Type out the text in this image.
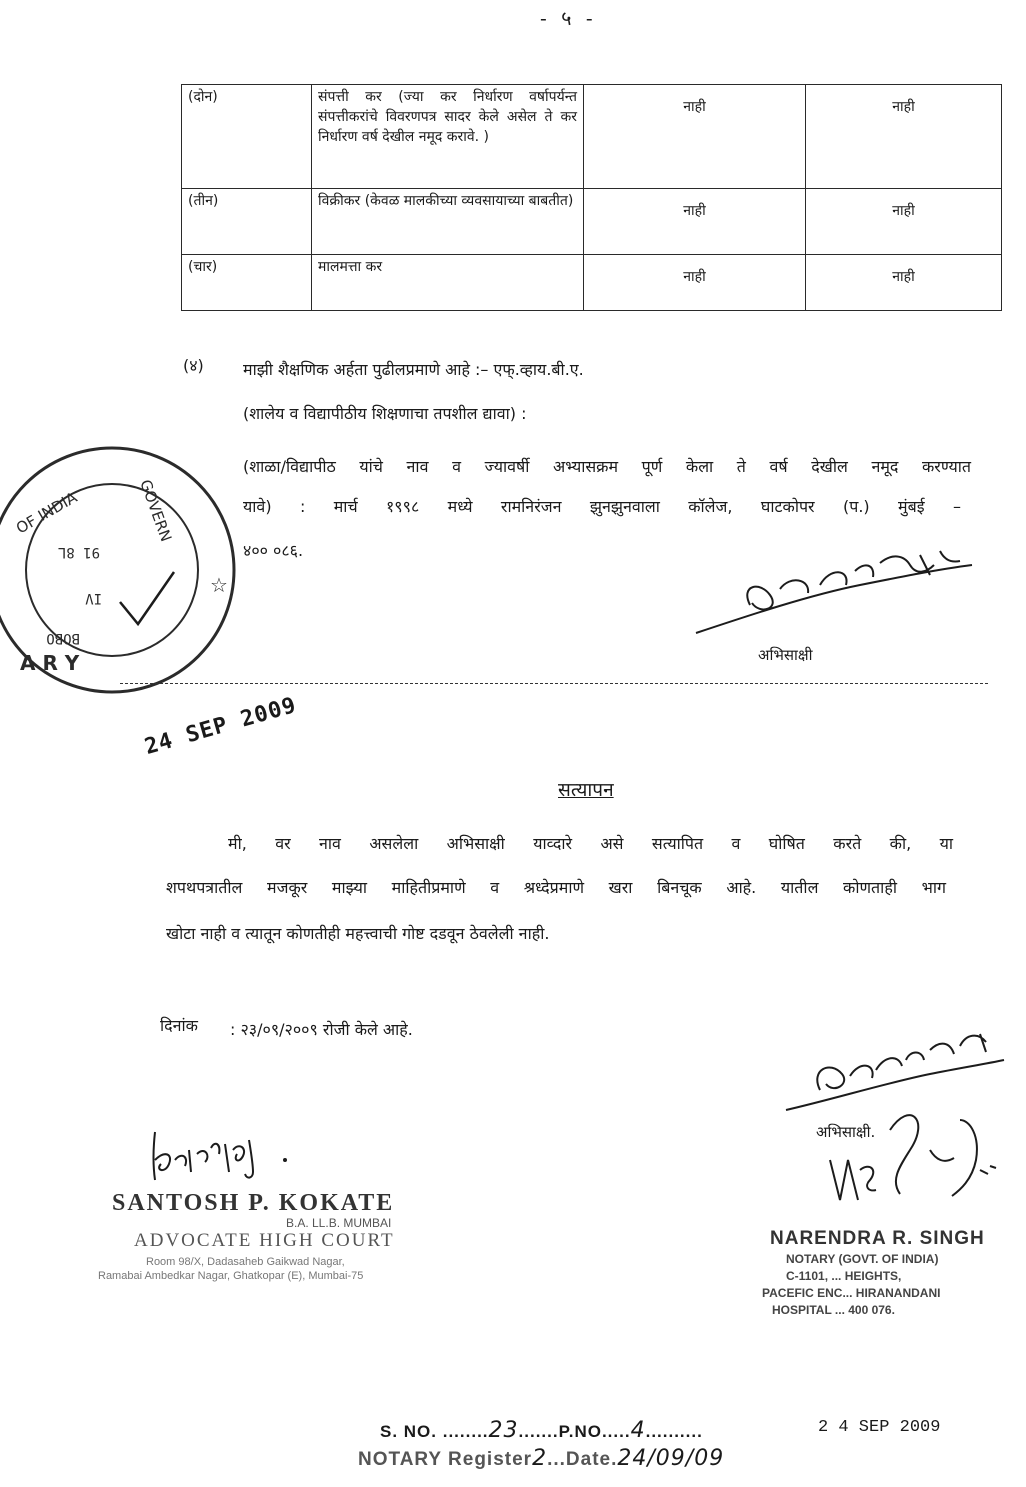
- ५ -
(दोन)	संपत्ती कर (ज्या कर निर्धारण वर्षापर्यन्त संपत्तीकरांचे विवरणपत्र सादर केले असेल ते कर निर्धारण वर्ष देखील नमूद करावे. )	नाही	नाही
(तीन)	विक्रीकर (केवळ मालकीच्या व्यवसायाच्या बाबतीत)	नाही	नाही
(चार)	मालमत्ता कर	नाही	नाही
(४) माझी शैक्षणिक अर्हता पुढीलप्रमाणे आहे :– एफ्.व्हाय.बी.ए.
(शालेय व विद्यापीठीय शिक्षणाचा तपशील द्यावा) :
(शाळा/विद्यापीठ यांचे नाव व ज्यावर्षी अभ्यासक्रम पूर्ण केला ते वर्ष देखील नमूद करण्यात
यावे) : मार्च १९९८ मध्ये रामनिरंजन झुनझुनवाला कॉलेज, घाटकोपर (प.) मुंबई –
४०० ०८६.
OF INDIA	GOVERN
A R Y
☆
91 8L
IV
BOBO
अभिसाक्षी
24 SEP 2009
सत्यापन
मी, वर नाव असलेला अभिसाक्षी याव्दारे असे सत्यापित व घोषित करते की, या
शपथपत्रातील मजकूर माझ्या माहितीप्रमाणे व श्रध्देप्रमाणे खरा बिनचूक आहे. यातील कोणताही भाग
खोटा नाही व त्यातून कोणतीही महत्त्वाची गोष्ट दडवून ठेवलेली नाही.
दिनांक : २३/०९/२००९ रोजी केले आहे.
अभिसाक्षी.
SANTOSH P. KOKATE
B.A. LL.B. MUMBAI
ADVOCATE HIGH COURT
Room 98/X, Dadasaheb Gaikwad Nagar,
Ramabai Ambedkar Nagar, Ghatkopar (E), Mumbai-75
NARENDRA R. SINGH
NOTARY (GOVT. OF INDIA)
C-1101, ... HEIGHTS,
PACEFIC ENC... HIRANANDANI
HOSPITAL ... 400 076.
S. NO. ........23.......P.NO.....4..........	2 4 SEP 2009
NOTARY Register2...Date.24/09/09
